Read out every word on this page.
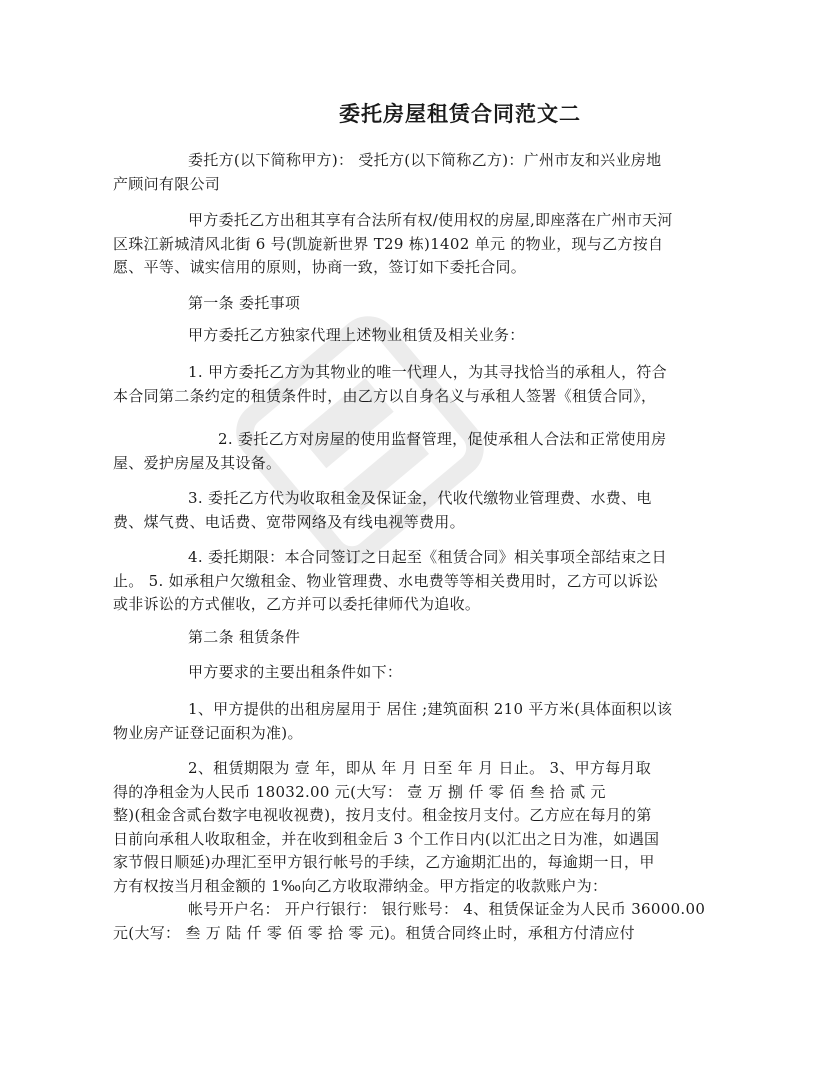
委托房屋租赁合同范文二

委托方(以下简称甲方)： 受托方(以下简称乙方)：广州市友和兴业房地
产顾问有限公司

甲方委托乙方出租其享有合法所有权/使用权的房屋,即座落在广州市天河
区珠江新城清风北街 6 号(凯旋新世界 T29 栋)1402 单元 的物业，现与乙方按自
愿、平等、诚实信用的原则，协商一致，签订如下委托合同。

第一条 委托事项

甲方委托乙方独家代理上述物业租赁及相关业务：

1. 甲方委托乙方为其物业的唯一代理人，为其寻找恰当的承租人，符合
本合同第二条约定的租赁条件时，由乙方以自身名义与承租人签署《租赁合同》，

2. 委托乙方对房屋的使用监督管理，促使承租人合法和正常使用房
屋、爱护房屋及其设备。

3. 委托乙方代为收取租金及保证金，代收代缴物业管理费、水费、电
费、煤气费、电话费、宽带网络及有线电视等费用。

4. 委托期限：本合同签订之日起至《租赁合同》相关事项全部结束之日
止。 5. 如承租户欠缴租金、物业管理费、水电费等等相关费用时，乙方可以诉讼
或非诉讼的方式催收，乙方并可以委托律师代为追收。

第二条 租赁条件

甲方要求的主要出租条件如下：

1、甲方提供的出租房屋用于 居住 ;建筑面积 210 平方米(具体面积以该
物业房产证登记面积为准)。

2、租赁期限为 壹 年，即从 年 月 日至 年 月 日止。 3、甲方每月取
得的净租金为人民币 18032.00 元(大写： 壹 万 捌 仟 零 佰 叁 拾 贰 元
整)(租金含贰台数字电视收视费)，按月支付。租金按月支付。乙方应在每月的第
日前向承租人收取租金，并在收到租金后 3 个工作日内(以汇出之日为准，如遇国
家节假日顺延)办理汇至甲方银行帐号的手续，乙方逾期汇出的，每逾期一日，甲
方有权按当月租金额的 1‰向乙方收取滞纳金。甲方指定的收款账户为：

帐号开户名： 开户行银行： 银行账号： 4、租赁保证金为人民币 36000.00
元(大写： 叁 万 陆 仟 零 佰 零 拾 零 元)。租赁合同终止时，承租方付清应付
